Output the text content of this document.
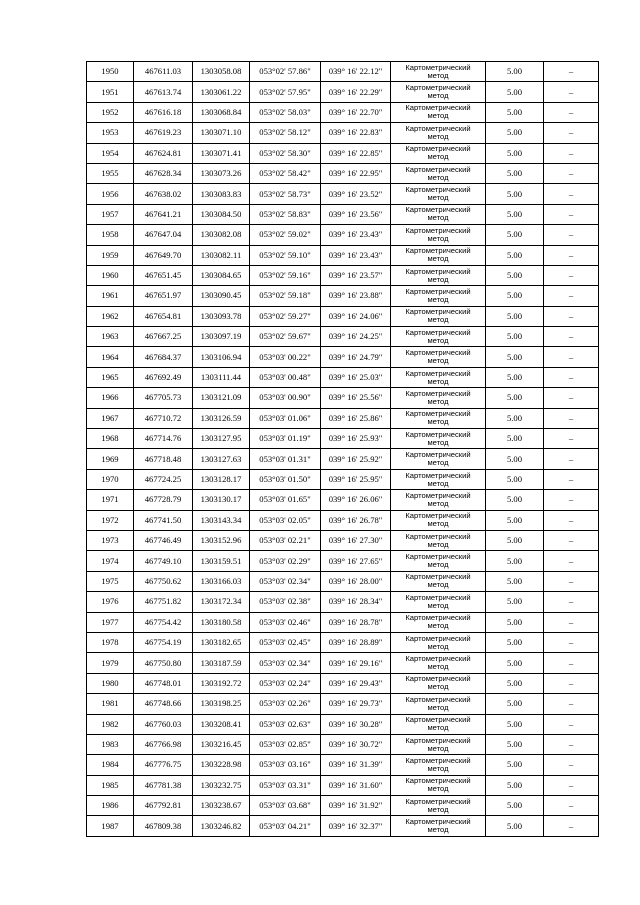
1950	467611.03	1303058.08	053°02' 57.86"	039° 16' 22.12"	Картометрический
метод	5.00	–
1951	467613.74	1303061.22	053°02' 57.95"	039° 16' 22.29"	Картометрический
метод	5.00	–
1952	467616.18	1303068.84	053°02' 58.03"	039° 16' 22.70"	Картометрический
метод	5.00	–
1953	467619.23	1303071.10	053°02' 58.12"	039° 16' 22.83"	Картометрический
метод	5.00	–
1954	467624.81	1303071.41	053°02' 58.30"	039° 16' 22.85"	Картометрический
метод	5.00	–
1955	467628.34	1303073.26	053°02' 58.42"	039° 16' 22.95"	Картометрический
метод	5.00	–
1956	467638.02	1303083.83	053°02' 58.73"	039° 16' 23.52"	Картометрический
метод	5.00	–
1957	467641.21	1303084.50	053°02' 58.83"	039° 16' 23.56"	Картометрический
метод	5.00	–
1958	467647.04	1303082.08	053°02' 59.02"	039° 16' 23.43"	Картометрический
метод	5.00	–
1959	467649.70	1303082.11	053°02' 59.10"	039° 16' 23.43"	Картометрический
метод	5.00	–
1960	467651.45	1303084.65	053°02' 59.16"	039° 16' 23.57"	Картометрический
метод	5.00	–
1961	467651.97	1303090.45	053°02' 59.18"	039° 16' 23.88"	Картометрический
метод	5.00	–
1962	467654.81	1303093.78	053°02' 59.27"	039° 16' 24.06"	Картометрический
метод	5.00	–
1963	467667.25	1303097.19	053°02' 59.67"	039° 16' 24.25"	Картометрический
метод	5.00	–
1964	467684.37	1303106.94	053°03' 00.22"	039° 16' 24.79"	Картометрический
метод	5.00	–
1965	467692.49	1303111.44	053°03' 00.48"	039° 16' 25.03"	Картометрический
метод	5.00	–
1966	467705.73	1303121.09	053°03' 00.90"	039° 16' 25.56"	Картометрический
метод	5.00	–
1967	467710.72	1303126.59	053°03' 01.06"	039° 16' 25.86"	Картометрический
метод	5.00	–
1968	467714.76	1303127.95	053°03' 01.19"	039° 16' 25.93"	Картометрический
метод	5.00	–
1969	467718.48	1303127.63	053°03' 01.31"	039° 16' 25.92"	Картометрический
метод	5.00	–
1970	467724.25	1303128.17	053°03' 01.50"	039° 16' 25.95"	Картометрический
метод	5.00	–
1971	467728.79	1303130.17	053°03' 01.65"	039° 16' 26.06"	Картометрический
метод	5.00	–
1972	467741.50	1303143.34	053°03' 02.05"	039° 16' 26.78"	Картометрический
метод	5.00	–
1973	467746.49	1303152.96	053°03' 02.21"	039° 16' 27.30"	Картометрический
метод	5.00	–
1974	467749.10	1303159.51	053°03' 02.29"	039° 16' 27.65"	Картометрический
метод	5.00	–
1975	467750.62	1303166.03	053°03' 02.34"	039° 16' 28.00"	Картометрический
метод	5.00	–
1976	467751.82	1303172.34	053°03' 02.38"	039° 16' 28.34"	Картометрический
метод	5.00	–
1977	467754.42	1303180.58	053°03' 02.46"	039° 16' 28.78"	Картометрический
метод	5.00	–
1978	467754.19	1303182.65	053°03' 02.45"	039° 16' 28.89"	Картометрический
метод	5.00	–
1979	467750.80	1303187.59	053°03' 02.34"	039° 16' 29.16"	Картометрический
метод	5.00	–
1980	467748.01	1303192.72	053°03' 02.24"	039° 16' 29.43"	Картометрический
метод	5.00	–
1981	467748.66	1303198.25	053°03' 02.26"	039° 16' 29.73"	Картометрический
метод	5.00	–
1982	467760.03	1303208.41	053°03' 02.63"	039° 16' 30.28"	Картометрический
метод	5.00	–
1983	467766.98	1303216.45	053°03' 02.85"	039° 16' 30.72"	Картометрический
метод	5.00	–
1984	467776.75	1303228.98	053°03' 03.16"	039° 16' 31.39"	Картометрический
метод	5.00	–
1985	467781.38	1303232.75	053°03' 03.31"	039° 16' 31.60"	Картометрический
метод	5.00	–
1986	467792.81	1303238.67	053°03' 03.68"	039° 16' 31.92"	Картометрический
метод	5.00	–
1987	467809.38	1303246.82	053°03' 04.21"	039° 16' 32.37"	Картометрический
метод	5.00	–
